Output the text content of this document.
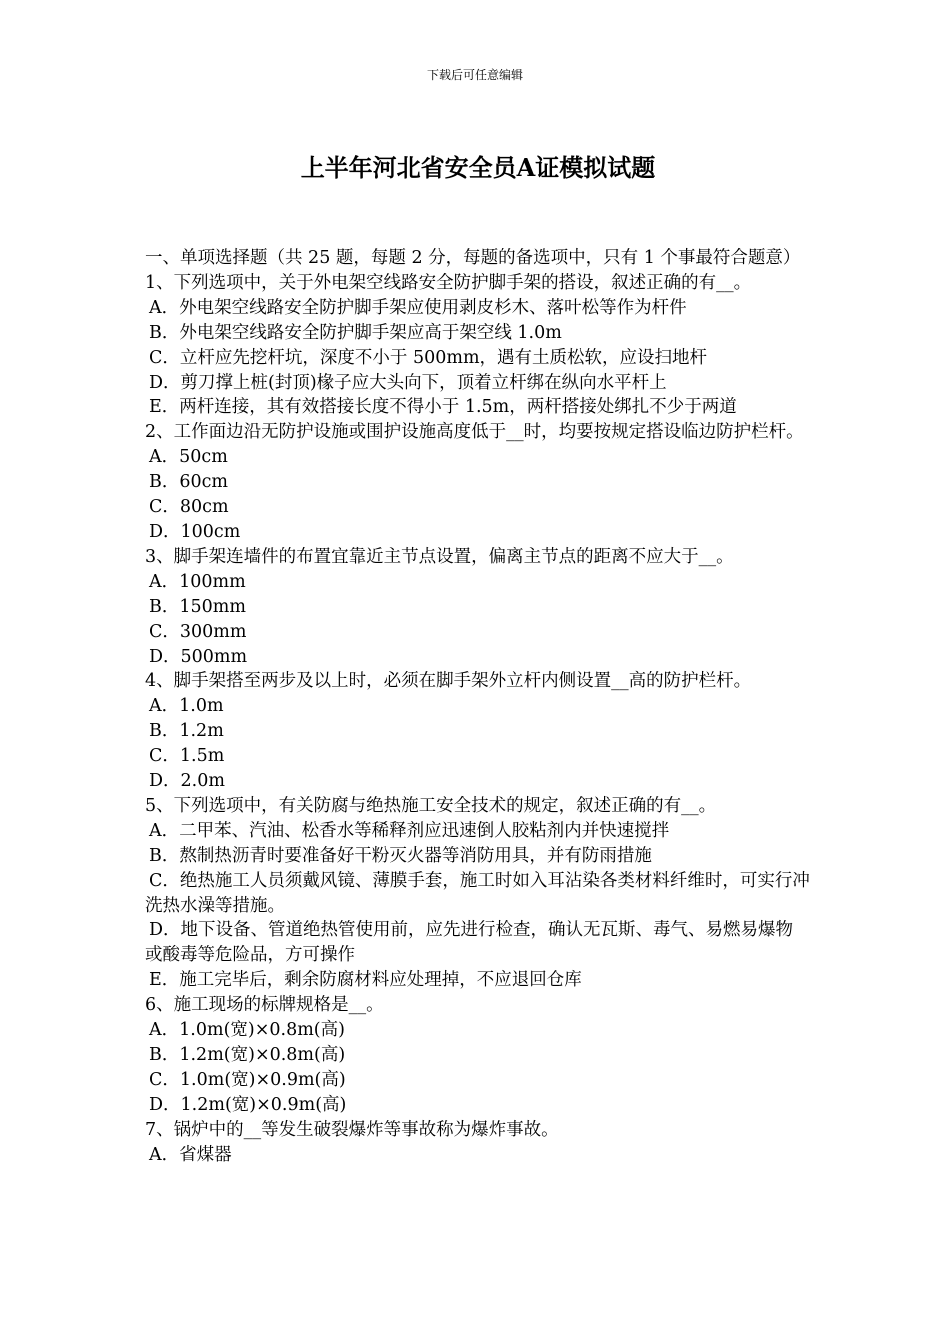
下载后可任意编辑
上半年河北省安全员A证模拟试题
一、单项选择题（共 25 题，每题 2 分，每题的备选项中，只有 1 个事最符合题意）

1、下列选项中，关于外电架空线路安全防护脚手架的搭设，叙述正确的有__。

A．外电架空线路安全防护脚手架应使用剥皮杉木、落叶松等作为杆件
B．外电架空线路安全防护脚手架应高于架空线 1.0m
C．立杆应先挖杆坑，深度不小于 500mm，遇有土质松软，应设扫地杆
D．剪刀撑上桩(封顶)椽子应大头向下，顶着立杆绑在纵向水平杆上
E．两杆连接，其有效搭接长度不得小于 1.5m，两杆搭接处绑扎不少于两道

2、工作面边沿无防护设施或围护设施高度低于__时，均要按规定搭设临边防护栏杆。

A．50cm
B．60cm
C．80cm
D．100cm

3、脚手架连墙件的布置宜靠近主节点设置，偏离主节点的距离不应大于__。

A．100mm
B．150mm
C．300mm
D．500mm

4、脚手架搭至两步及以上时，必须在脚手架外立杆内侧设置__高的防护栏杆。

A．1.0m
B．1.2m
C．1.5m
D．2.0m

5、下列选项中，有关防腐与绝热施工安全技术的规定，叙述正确的有__。

A．二甲苯、汽油、松香水等稀释剂应迅速倒人胶粘剂内并快速搅拌
B．熬制热沥青时要准备好干粉灭火器等消防用具，并有防雨措施
C．绝热施工人员须戴风镜、薄膜手套，施工时如入耳沾染各类材料纤维时，可实行冲洗热水澡等措施。
D．地下设备、管道绝热管使用前，应先进行检查，确认无瓦斯、毒气、易燃易爆物或酸毒等危险品，方可操作
E．施工完毕后，剩余防腐材料应处理掉，不应退回仓库

6、施工现场的标牌规格是__。

A．1.0m(宽)×0.8m(高)
B．1.2m(宽)×0.8m(高)
C．1.0m(宽)×0.9m(高)
D．1.2m(宽)×0.9m(高)

7、锅炉中的__等发生破裂爆炸等事故称为爆炸事故。

A．省煤器
